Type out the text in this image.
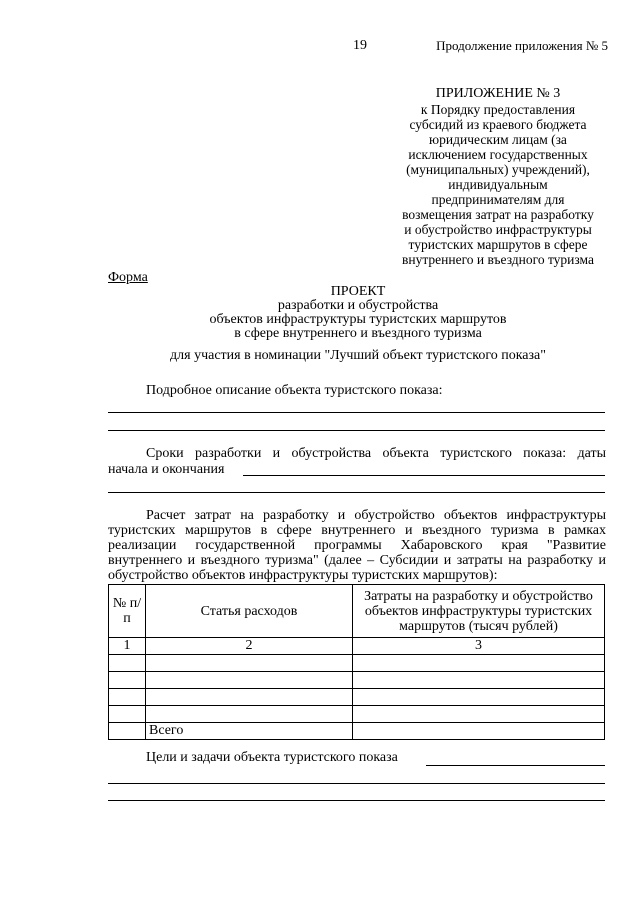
19	Продолжение приложения № 5
ПРИЛОЖЕНИЕ № 3
к Порядку предоставления
субсидий из краевого бюджета
юридическим лицам (за
исключением государственных
(муниципальных) учреждений),
индивидуальным
предпринимателям для
возмещения затрат на разработку
и обустройство инфраструктуры
туристских маршрутов в сфере
внутреннего и въездного туризма
Форма
ПРОЕКТ
разработки и обустройства
объектов инфраструктуры туристских маршрутов
в сфере внутреннего и въездного туризма
для участия в номинации "Лучший объект туристского показа"
Подробное описание объекта туристского показа:
Сроки разработки и обустройства объекта туристского показа: даты
начала и окончания
Расчет затрат на разработку и обустройство объектов инфраструктуры туристских маршрутов в сфере внутреннего и въездного туризма в рамках реализации государственной программы Хабаровского края "Развитие внутреннего и въездного туризма" (далее – Субсидии и затраты на разработку и обустройство объектов инфраструктуры туристских маршрутов):
№ п/п	Статья расходов	Затраты на разработку и обустройство объектов инфраструктуры туристских маршрутов (тысяч рублей)
1	2	3

	Всего	
Цели и задачи объекта туристского показа
